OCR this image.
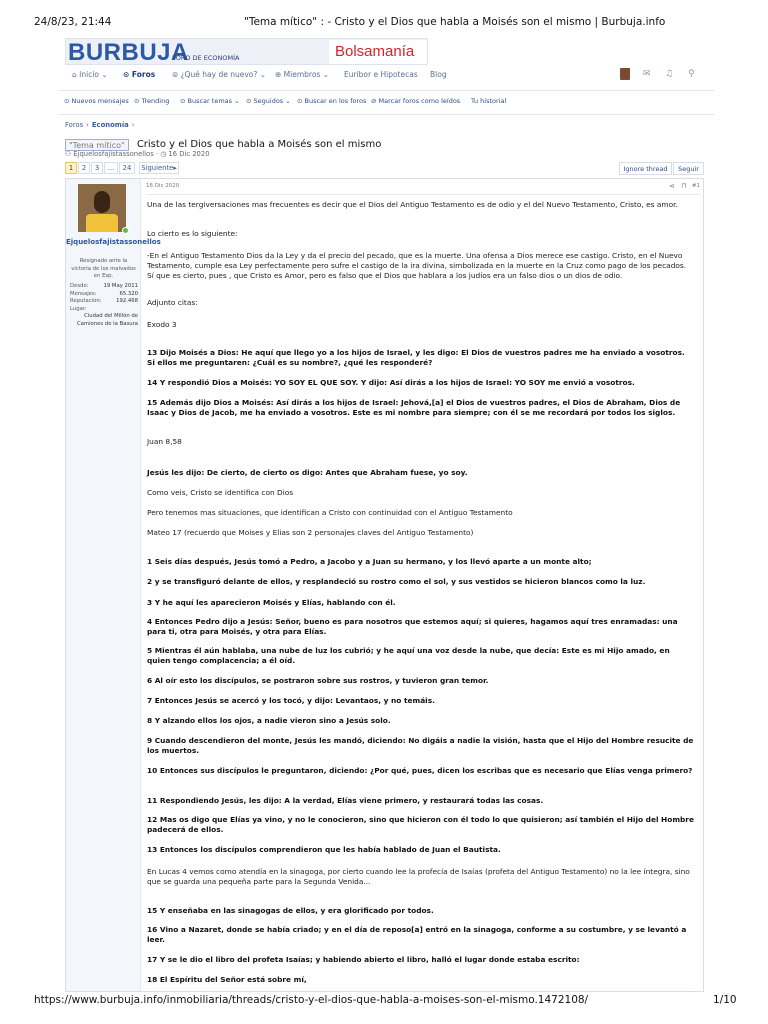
24/8/23, 21:44	"Tema mítico" : - Cristo y el Dios que habla a Moisés son el mismo | Burbuja.info
BURBUJA
FORO DE ECONOMÍA	Bolsamanía
⌂ Inicio ⌄ ⊙ Foros ⊜ ¿Qué hay de nuevo? ⌄ ⊕ Miembros ⌄ Euribor e Hipotecas Blog	✉ ♫ ⚲
⊙ Nuevos mensajes ⊙ Trending ⊙ Buscar temas ⌄ ⊙ Seguidos ⌄ ⊙ Buscar en los foros ⊘ Marcar foros como leídos Tu historial
Foros › Economía ›
"Tema mítico" Cristo y el Dios que habla a Moisés son el mismo
⚇ Ejquelosfajistassonellos · ◷ 16 Dic 2020
1	2	3	...	24	Siguiente▸	Ignore thread	Seguir
Ejquelosfajistassonellos
Resignado ante la victoria de los malvados en Esp.
Desde:	19 May 2011
Mensajes:	65.320
Reputación:	192.468
Lugar:
Ciudad del Millón de Camiones de la Basura
16 Dic 2020	⋖ ⊓ #1
Una de las tergiversaciones mas frecuentes es decir que el Dios del Antiguo Testamento es de odio y el del Nuevo Testamento, Cristo, es amor.
Lo cierto es lo siguiente:
-En el Antiguo Testamento Dios da la Ley y da el precio del pecado, que es la muerte. Una ofensa a Dios merece ese castigo. Cristo, en el Nuevo Testamento, cumple esa Ley perfectamente pero sufre el castigo de la ira divina, simbolizada en la muerte en la Cruz como pago de los pecados. Sí que es cierto, pues , que Cristo es Amor, pero es falso que el Dios que hablara a los judíos era un falso dios o un dios de odio.
Adjunto citas:
Exodo 3
13 Dijo Moisés a Dios: He aquí que llego yo a los hijos de Israel, y les digo: El Dios de vuestros padres me ha enviado a vosotros. Si ellos me preguntaren: ¿Cuál es su nombre?, ¿qué les responderé?
14 Y respondió Dios a Moisés: YO SOY EL QUE SOY. Y dijo: Así dirás a los hijos de Israel: YO SOY me envió a vosotros.
15 Además dijo Dios a Moisés: Así dirás a los hijos de Israel: Jehová,[a] el Dios de vuestros padres, el Dios de Abraham, Dios de Isaac y Dios de Jacob, me ha enviado a vosotros. Este es mi nombre para siempre; con él se me recordará por todos los siglos.
Juan 8,58
Jesús les dijo: De cierto, de cierto os digo: Antes que Abraham fuese, yo soy.
Como veis, Cristo se identifica con Dios
Pero tenemos mas situaciones, que identifican a Cristo con continuidad con el Antiguo Testamento
Mateo 17 (recuerdo que Moises y Elias son 2 personajes claves del Antiguo Testamento)
1 Seis días después, Jesús tomó a Pedro, a Jacobo y a Juan su hermano, y los llevó aparte a un monte alto;
2 y se transfiguró delante de ellos, y resplandeció su rostro como el sol, y sus vestidos se hicieron blancos como la luz.
3 Y he aquí les aparecieron Moisés y Elías, hablando con él.
4 Entonces Pedro dijo a Jesús: Señor, bueno es para nosotros que estemos aquí; si quieres, hagamos aquí tres enramadas: una para ti, otra para Moisés, y otra para Elías.
5 Mientras él aún hablaba, una nube de luz los cubrió; y he aquí una voz desde la nube, que decía: Este es mi Hijo amado, en quien tengo complacencia; a él oíd.
6 Al oír esto los discípulos, se postraron sobre sus rostros, y tuvieron gran temor.
7 Entonces Jesús se acercó y los tocó, y dijo: Levantaos, y no temáis.
8 Y alzando ellos los ojos, a nadie vieron sino a Jesús solo.
9 Cuando descendieron del monte, Jesús les mandó, diciendo: No digáis a nadie la visión, hasta que el Hijo del Hombre resucite de los muertos.
10 Entonces sus discípulos le preguntaron, diciendo: ¿Por qué, pues, dicen los escribas que es necesario que Elías venga primero?
11 Respondiendo Jesús, les dijo: A la verdad, Elías viene primero, y restaurará todas las cosas.
12 Mas os digo que Elías ya vino, y no le conocieron, sino que hicieron con él todo lo que quisieron; así también el Hijo del Hombre padecerá de ellos.
13 Entonces los discípulos comprendieron que les había hablado de Juan el Bautista.
En Lucas 4 vemos como atendía en la sinagoga, por cierto cuando lee la profecía de Isaías (profeta del Antiguo Testamento) no la lee íntegra, sino que se guarda una pequeña parte para la Segunda Venida...
15 Y enseñaba en las sinagogas de ellos, y era glorificado por todos.
16 Vino a Nazaret, donde se había criado; y en el día de reposo[a] entró en la sinagoga, conforme a su costumbre, y se levantó a leer.
17 Y se le dio el libro del profeta Isaías; y habiendo abierto el libro, halló el lugar donde estaba escrito:
18 El Espíritu del Señor está sobre mí,
https://www.burbuja.info/inmobiliaria/threads/cristo-y-el-dios-que-habla-a-moises-son-el-mismo.1472108/	1/10
